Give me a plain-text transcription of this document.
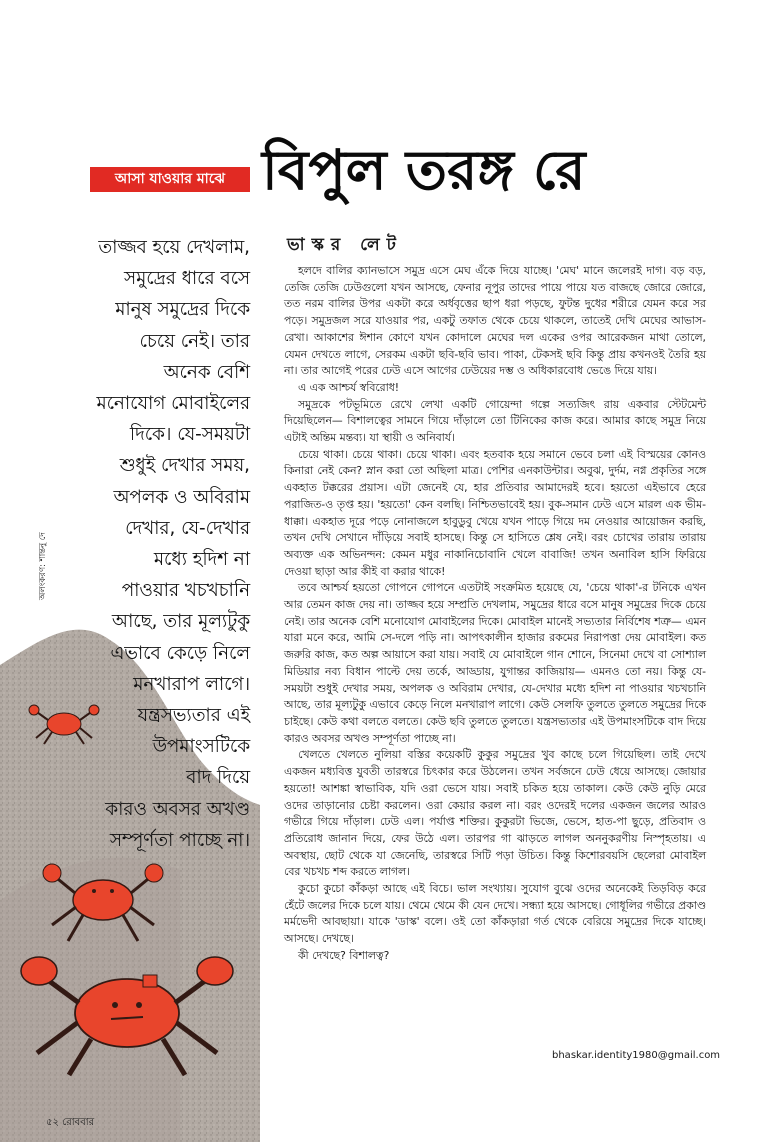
আসা যাওয়ার মাঝে বিপুল তরঙ্গ রে
ভাস্কর লেট
তাজ্জব হয়ে দেখলাম,
সমুদ্রের ধারে বসে
মানুষ সমুদ্রের দিকে
চেয়ে নেই। তার
অনেক বেশি
মনোযোগ মোবাইলের
দিকে। যে-সময়টা
শুধুই দেখার সময়,
অপলক ও অবিরাম
দেখার, যে-দেখার
মধ্যে হদিশ না
পাওয়ার খচখচানি
আছে, তার মূল্যটুকু
এভাবে কেড়ে নিলে
মনখারাপ লাগে।
যন্ত্রসভ্যতার এই
উপমাংসটিকে
বাদ দিয়ে
কারও অবসর অখণ্ড
সম্পূর্ণতা পাচ্ছে না।

হলদে বালির ক্যানভাসে সমুদ্র এসে মেঘ এঁকে দিয়ে যাচ্ছে। 'মেঘ' মানে জলেরই দাগ। বড় বড়, তেজি তেজি ঢেউগুলো যখন আসছে, ফেনার নূপুর তাদের পায়ে পায়ে যত বাজছে জোরে জোরে, তত নরম বালির উপর একটা করে অর্ধবৃত্তের ছাপ ধরা পড়ছে, ফুটন্ত দুধের শরীরে যেমন করে সর পড়ে। সমুদ্রজল সরে যাওয়ার পর, একটু তফাত থেকে চেয়ে থাকলে, তাতেই দেখি মেঘের আভাস-রেখা। আকাশের ঈশান কোণে যখন কোদালে মেঘের দল একের ওপর আরেকজন মাথা তোলে, যেমন দেখতে লাগে, সেরকম একটা ছবি-ছবি ভাব। পাকা, টেকসই ছবি কিন্তু প্রায় কখনওই তৈরি হয় না। তার আগেই পরের ঢেউ এসে আগের ঢেউয়ের দম্ভ ও অধিকারবোধ ভেঙে দিয়ে যায়।

এ এক আশ্চর্য স্ববিরোধ!

সমুদ্রকে পটভূমিতে রেখে লেখা একটি গোয়েন্দা গল্পে সত্যজিৎ রায় একবার স্টেটমেন্ট দিয়েছিলেন— বিশালত্বের সামনে গিয়ে দাঁড়ালে তো টিনিকের কাজ করে। আমার কাছে সমুদ্র নিয়ে এটাই অন্তিম মন্তব্য। যা স্থায়ী ও অনিবার্য।

চেয়ে থাকা। চেয়ে থাকা। চেয়ে থাকা। এবং হতবাক হয়ে সমানে ভেবে চলা এই বিস্ময়ের কোনও কিনারা নেই কেন? স্নান করা তো অছিলা মাত্র। পেশির এনকাউন্টার। অবুঝ, দুর্দম, নগ্ন প্রকৃতির সঙ্গে একহাত টক্করের প্রয়াস। এটা জেনেই যে, হার প্রতিবার আমাদেরই হবে। হয়তো এইভাবে হেরে পরাজিত-ও তৃপ্ত হয়। 'হয়তো' কেন বলছি। নিশ্চিতভাবেই হয়। বুক-সমান ঢেউ এসে মারল এক ভীম-ধাক্কা। একহাত দূরে পড়ে নোনাজলে হাবুডুবু খেয়ে যখন পাড়ে গিয়ে দম নেওয়ার আয়োজন করছি, তখন দেখি সেখানে দাঁড়িয়ে সবাই হাসছে। কিন্তু সে হাসিতে শ্লেষ নেই। বরং চোখের তারায় তারায় অব্যক্ত এক অভিনন্দন: কেমন মধুর নাকানিচোবানি খেলে বাবাজি! তখন অনাবিল হাসি ফিরিয়ে দেওয়া ছাড়া আর কীই বা করার থাকে!

তবে আশ্চর্য হয়তো গোপনে গোপনে এতটাই সংক্রমিত হয়েছে যে, 'চেয়ে থাকা'-র টনিকে এখন আর তেমন কাজ দেয় না। তাজ্জব হয়ে সম্প্রতি দেখলাম, সমুদ্রের ধারে বসে মানুষ সমুদ্রের দিকে চেয়ে নেই। তার অনেক বেশি মনোযোগ মোবাইলের দিকে। মোবাইল মানেই সভ্যতার নির্বিশেষ শত্রু— এমন যারা মনে করে, আমি সে-দলে পড়ি না। আপৎকালীন হাজার রকমের নিরাপত্তা দেয় মোবাইল। কত জরুরি কাজ, কত অল্প আয়াসে করা যায়। সবাই যে মোবাইলে গান শোনে, সিনেমা দেখে বা সোশ্যাল মিডিয়ার নব্য বিধান পাল্টে দেয় তর্কে, আড্ডায়, যুগান্তর কাজিয়ায়— এমনও তো নয়। কিন্তু যে-সময়টা শুধুই দেখার সময়, অপলক ও অবিরাম দেখার, যে-দেখার মধ্যে হদিশ না পাওয়ার খচখচানি আছে, তার মূল্যটুকু এভাবে কেড়ে নিলে মনখারাপ লাগে। কেউ সেলফি তুলতে তুলতে সমুদ্রের দিকে চাইছে। কেউ কথা বলতে বলতে। কেউ ছবি তুলতে তুলতে। যন্ত্রসভ্যতার এই উপমাংসটিকে বাদ দিয়ে কারও অবসর অখণ্ড সম্পূর্ণতা পাচ্ছে না।

খেলতে খেলতে নুলিয়া বস্তির কয়েকটি কুকুর সমুদ্রের খুব কাছে চলে গিয়েছিল। তাই দেখে একজন মধ্যবিত্ত যুবতী তারস্বরে চিৎকার করে উঠলেন। তখন সর্বজনে ঢেউ ধেয়ে আসছে। জোয়ার হয়তো! আশঙ্কা স্বাভাবিক, যদি ওরা ভেসে যায়। সবাই চকিত হয়ে তাকাল। কেউ কেউ নুড়ি মেরে ওদের তাড়ানোর চেষ্টা করলেন। ওরা কেয়ার করল না। বরং ওদেরই দলের একজন জলের আরও গভীরে গিয়ে দাঁড়াল। ঢেউ এল। পর্যাপ্ত শক্তির। কুকুরটা ভিজে, ভেসে, হাত-পা ছুড়ে, প্রতিবাদ ও প্রতিরোধ জানান দিয়ে, ফের উঠে এল। তারপর গা ঝাড়তে লাগল অননুকরণীয় নিস্পৃহতায়। এ অবস্থায়, ছোট থেকে যা জেনেছি, তারস্বরে সিটি পড়া উচিত। কিন্তু কিশোরবয়সি ছেলেরা মোবাইল বের খচখচ শব্দ করতে লাগল।

কুচো কুচো কাঁকড়া আছে এই বিচে। ভাল সংখ্যায়। সুযোগ বুঝে ওদের অনেকেই তিড়বিড় করে হেঁটে জলের দিকে চলে যায়। থেমে থেমে কী যেন দেখে। সন্ধ্যা হয়ে আসছে। গোধূলির গভীরে প্রকাণ্ড মর্মভেদী আবছায়া। যাকে 'ডাস্ক' বলে। ওই তো কাঁকড়ারা গর্ত থেকে বেরিয়ে সমুদ্রের দিকে যাচ্ছে। আসছে। দেখছে।

কী দেখছে? বিশালত্ব?

bhaskar.identity1980@gmail.com
অলংকরণ: শান্তনু দে
৫২ রোববার
